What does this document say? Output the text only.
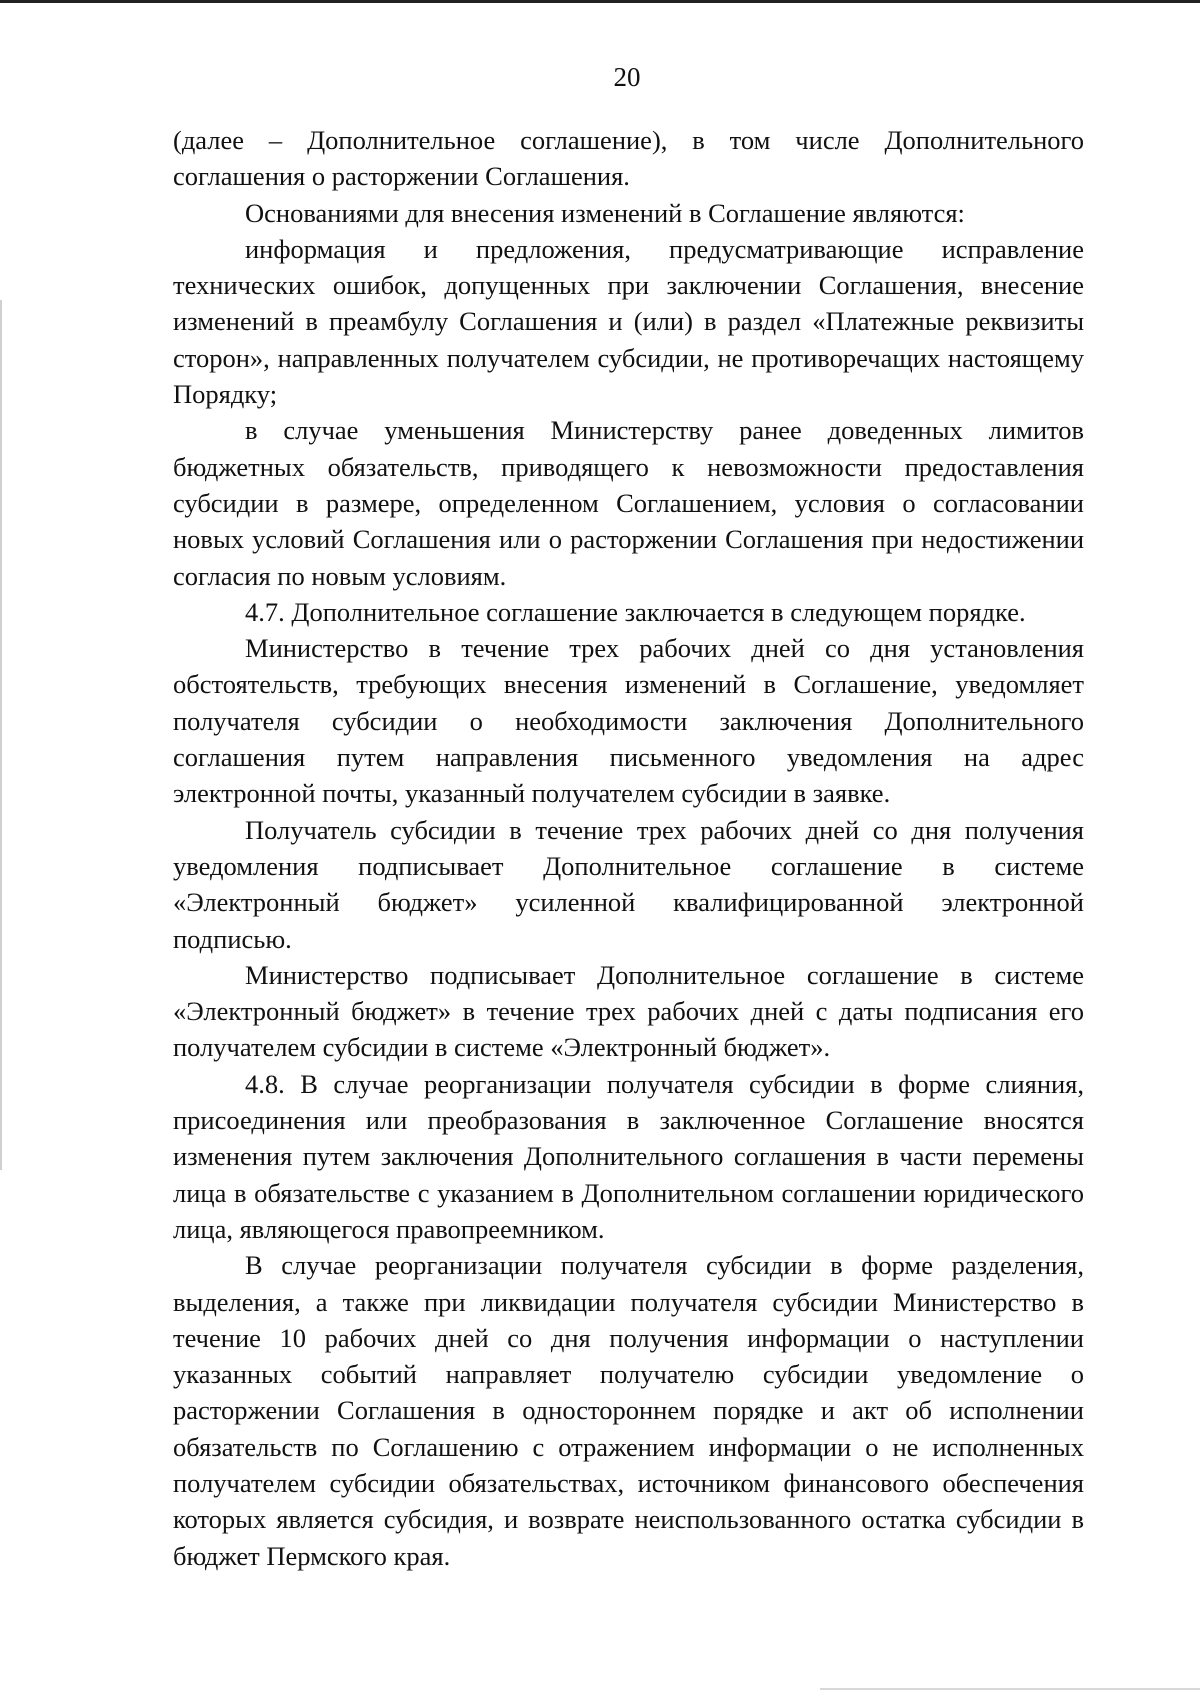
20

(далее – Дополнительное соглашение), в том числе Дополнительного соглашения о расторжении Соглашения.

Основаниями для внесения изменений в Соглашение являются:

информация и предложения, предусматривающие исправление технических ошибок, допущенных при заключении Соглашения, внесение изменений в преамбулу Соглашения и (или) в раздел «Платежные реквизиты сторон», направленных получателем субсидии, не противоречащих настоящему Порядку;

в случае уменьшения Министерству ранее доведенных лимитов бюджетных обязательств, приводящего к невозможности предоставления субсидии в размере, определенном Соглашением, условия о согласовании новых условий Соглашения или о расторжении Соглашения при недостижении согласия по новым условиям.

4.7. Дополнительное соглашение заключается в следующем порядке.

Министерство в течение трех рабочих дней со дня установления обстоятельств, требующих внесения изменений в Соглашение, уведомляет получателя субсидии о необходимости заключения Дополнительного соглашения путем направления письменного уведомления на адрес электронной почты, указанный получателем субсидии в заявке.

Получатель субсидии в течение трех рабочих дней со дня получения уведомления подписывает Дополнительное соглашение в системе «Электронный бюджет» усиленной квалифицированной электронной подписью.

Министерство подписывает Дополнительное соглашение в системе «Электронный бюджет» в течение трех рабочих дней с даты подписания его получателем субсидии в системе «Электронный бюджет».

4.8. В случае реорганизации получателя субсидии в форме слияния, присоединения или преобразования в заключенное Соглашение вносятся изменения путем заключения Дополнительного соглашения в части перемены лица в обязательстве с указанием в Дополнительном соглашении юридического лица, являющегося правопреемником.

В случае реорганизации получателя субсидии в форме разделения, выделения, а также при ликвидации получателя субсидии Министерство в течение 10 рабочих дней со дня получения информации о наступлении указанных событий направляет получателю субсидии уведомление о расторжении Соглашения в одностороннем порядке и акт об исполнении обязательств по Соглашению с отражением информации о не исполненных получателем субсидии обязательствах, источником финансового обеспечения которых является субсидия, и возврате неиспользованного остатка субсидии в бюджет Пермского края.
